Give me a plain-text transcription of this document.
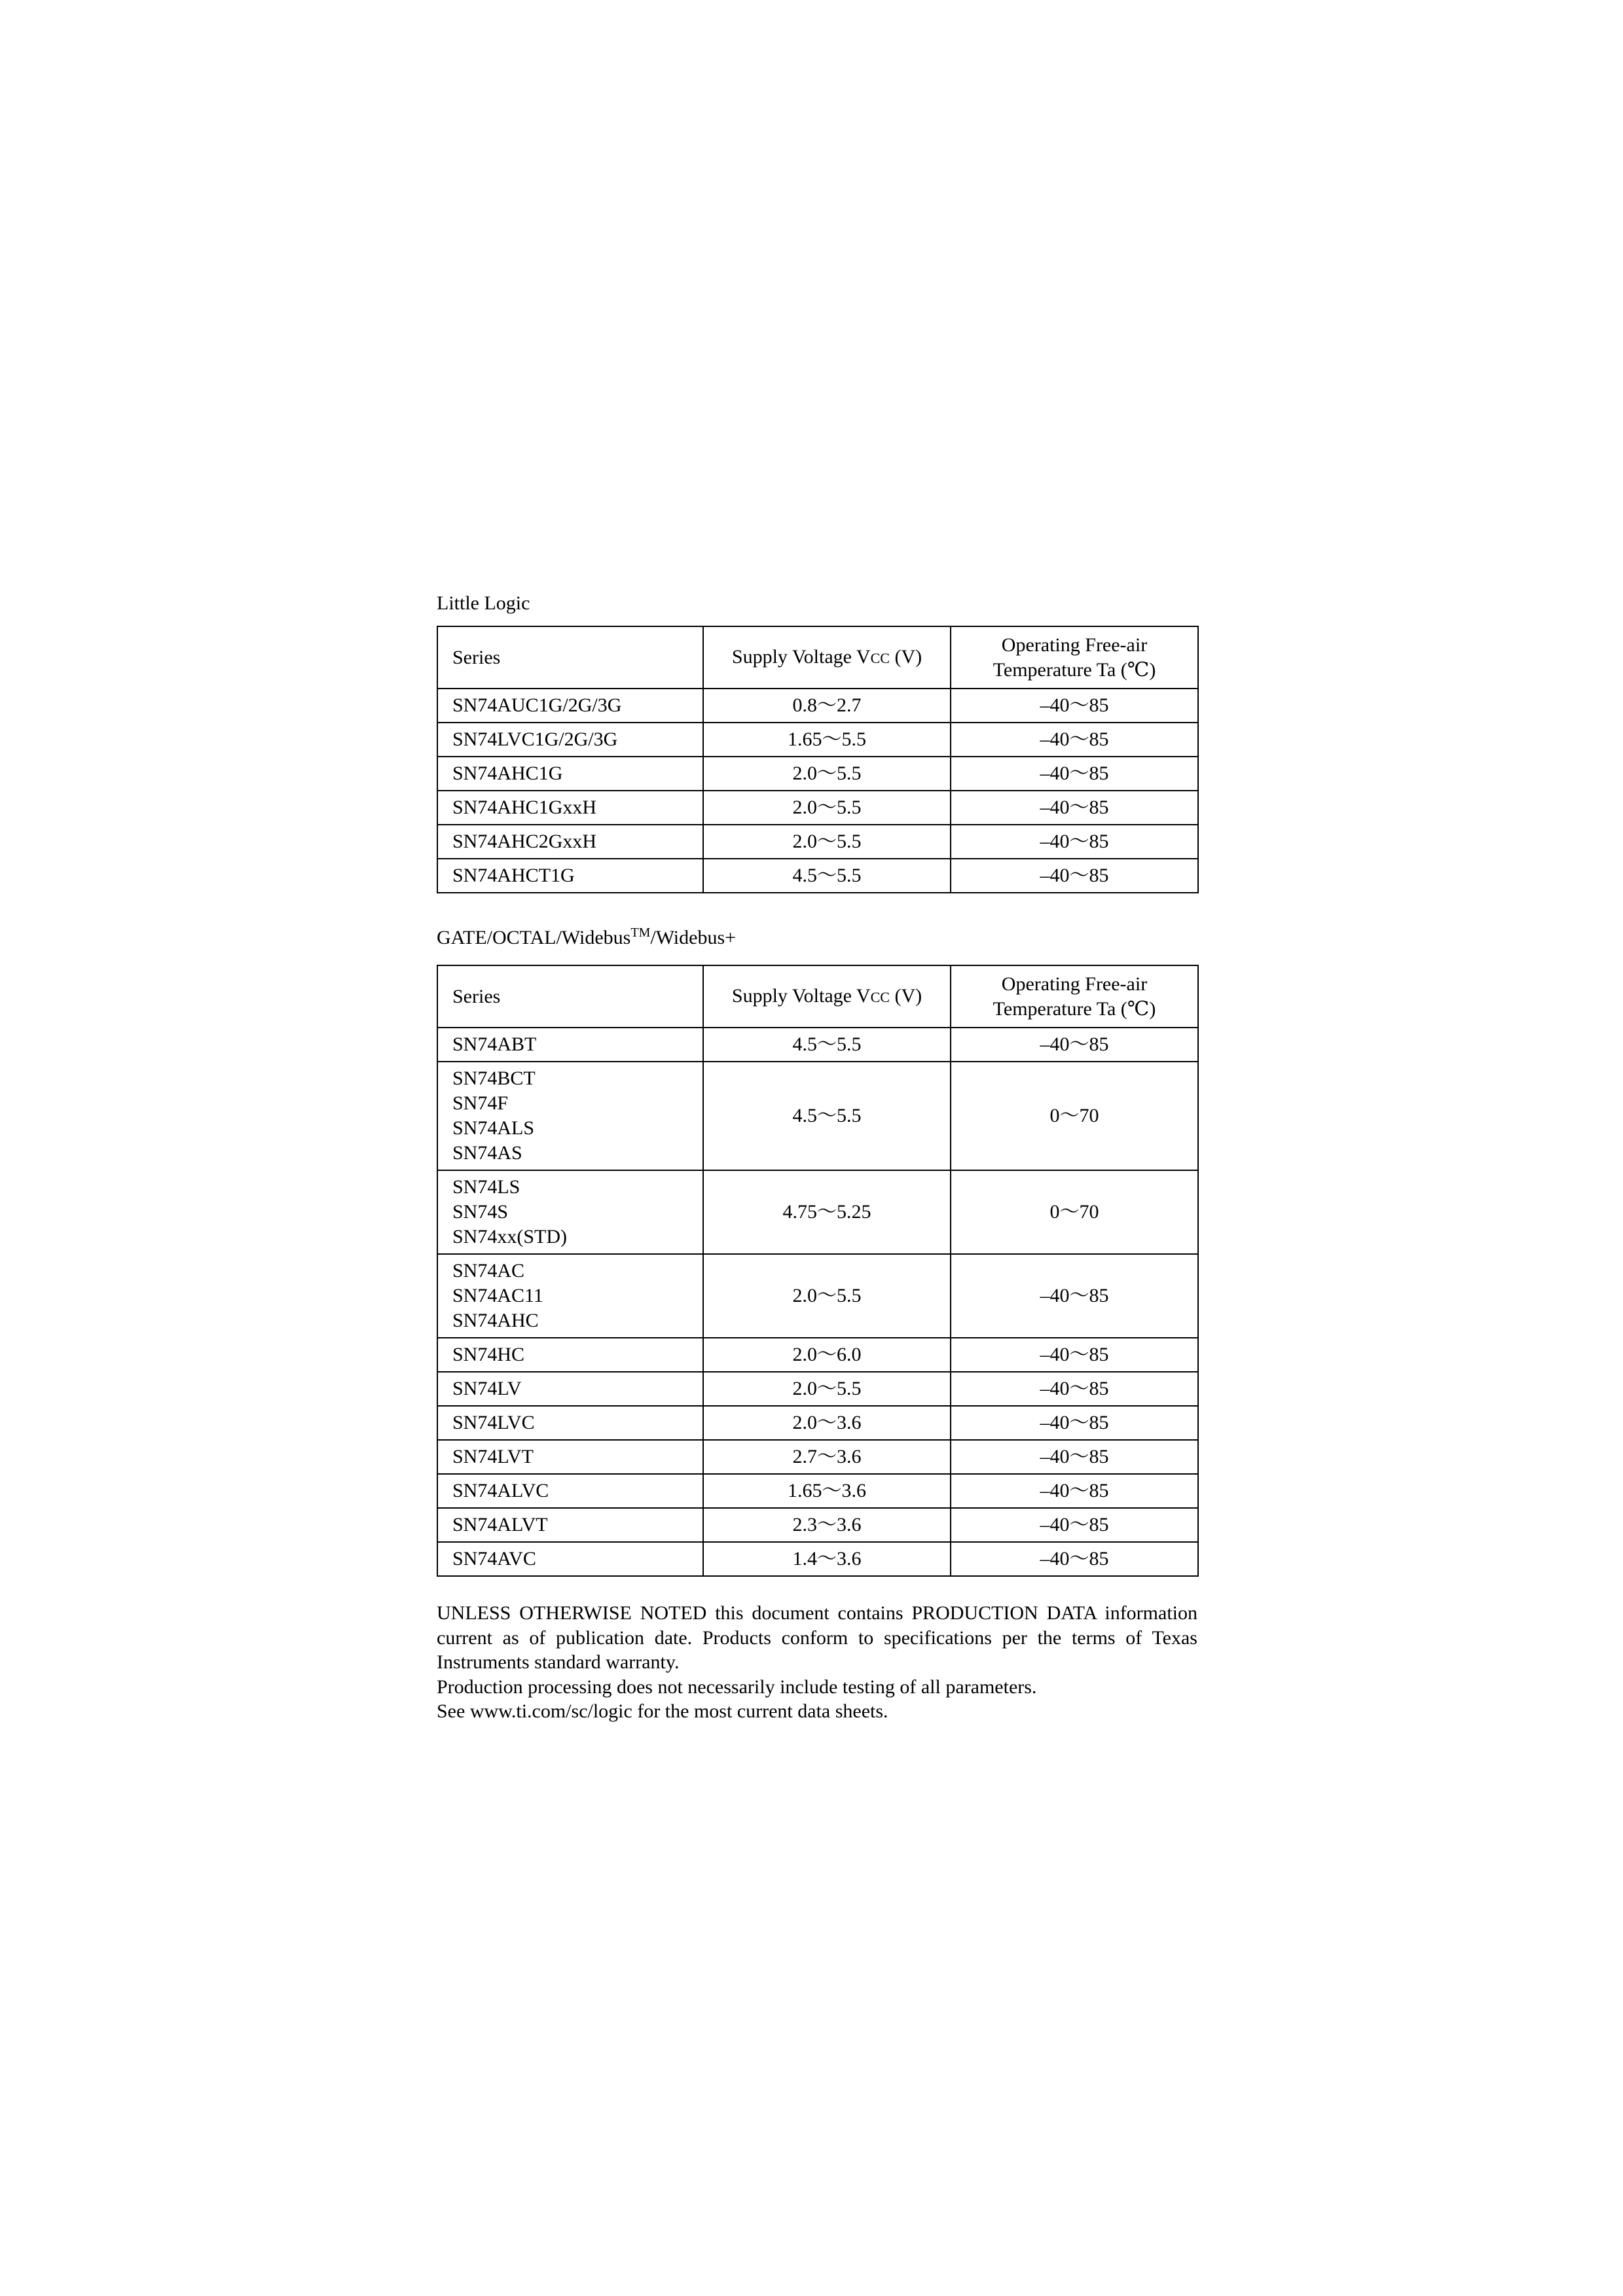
Little Logic
Series	Supply Voltage VCC (V)	Operating Free-air
Temperature Ta (℃)

SN74AUC1G/2G/3G	0.8～2.7	–40～85

SN74LVC1G/2G/3G	1.65～5.5	–40～85

SN74AHC1G	2.0～5.5	–40～85

SN74AHC1GxxH	2.0～5.5	–40～85

SN74AHC2GxxH	2.0～5.5	–40～85

SN74AHCT1G	4.5～5.5	–40～85
GATE/OCTAL/Widebus™/Widebus+
Series	Supply Voltage VCC (V)	Operating Free-air
Temperature Ta (℃)

SN74ABT	4.5～5.5	–40～85

SN74BCT
SN74F
SN74ALS
SN74AS	4.5～5.5	0～70

SN74LS
SN74S
SN74xx(STD)	4.75～5.25	0～70

SN74AC
SN74AC11
SN74AHC	2.0～5.5	–40～85

SN74HC	2.0～6.0	–40～85

SN74LV	2.0～5.5	–40～85

SN74LVC	2.0～3.6	–40～85

SN74LVT	2.7～3.6	–40～85

SN74ALVC	1.65～3.6	–40～85

SN74ALVT	2.3～3.6	–40～85

SN74AVC	1.4～3.6	–40～85

UNLESS OTHERWISE NOTED this document contains PRODUCTION DATA information current as of publication date. Products conform to specifications per the terms of Texas Instruments standard warranty.

Production processing does not necessarily include testing of all parameters.

See www.ti.com/sc/logic for the most current data sheets.
